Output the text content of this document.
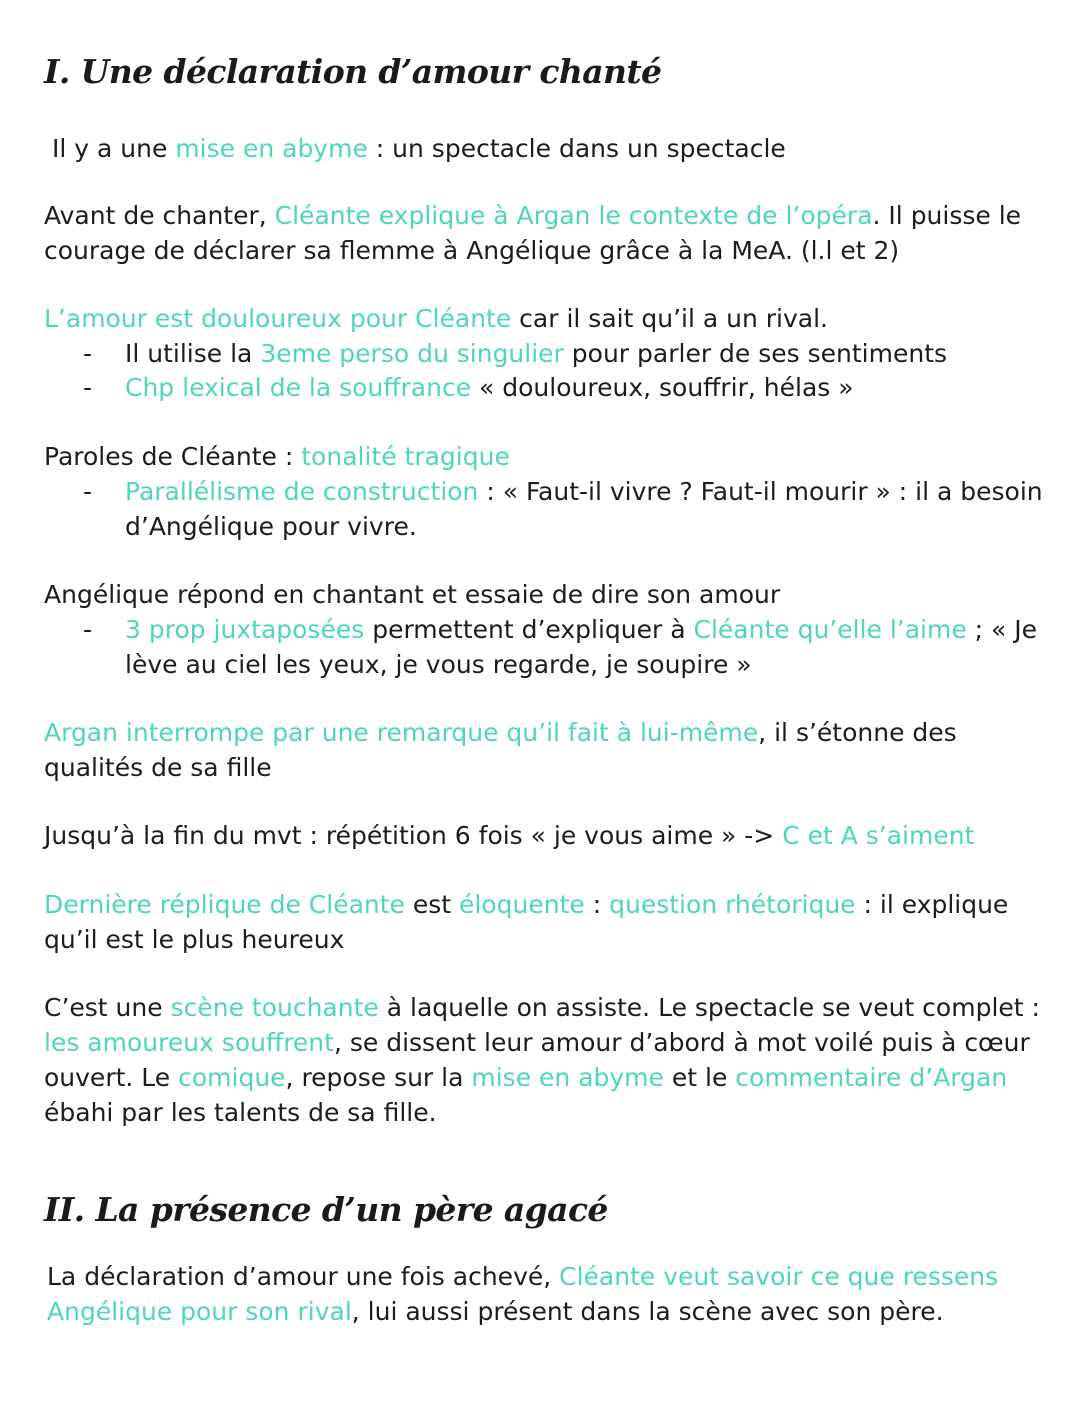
I. Une déclaration d’amour chanté

Il y a une mise en abyme : un spectacle dans un spectacle

Avant de chanter, Cléante explique à Argan le contexte de l’opéra. Il puisse le courage de déclarer sa flemme à Angélique grâce à la MeA. (l.l et 2)

L’amour est douloureux pour Cléante car il sait qu’il a un rival.

- Il utilise la 3eme perso du singulier pour parler de ses sentiments
- Chp lexical de la souffrance « douloureux, souffrir, hélas »

Paroles de Cléante : tonalité tragique

- Parallélisme de construction : « Faut-il vivre ? Faut-il mourir » : il a besoin d’Angélique pour vivre.

Angélique répond en chantant et essaie de dire son amour

- 3 prop juxtaposées permettent d’expliquer à Cléante qu’elle l’aime ; « Je lève au ciel les yeux, je vous regarde, je soupire »

Argan interrompe par une remarque qu’il fait à lui-même, il s’étonne des qualités de sa fille

Jusqu’à la fin du mvt : répétition 6 fois « je vous aime » -> C et A s’aiment

Dernière réplique de Cléante est éloquente : question rhétorique : il explique qu’il est le plus heureux

C’est une scène touchante à laquelle on assiste. Le spectacle se veut complet : les amoureux souffrent, se dissent leur amour d’abord à mot voilé puis à cœur ouvert. Le comique, repose sur la mise en abyme et le commentaire d’Argan ébahi par les talents de sa fille.

II. La présence d’un père agacé

La déclaration d’amour une fois achevé, Cléante veut savoir ce que ressens Angélique pour son rival, lui aussi présent dans la scène avec son père.
